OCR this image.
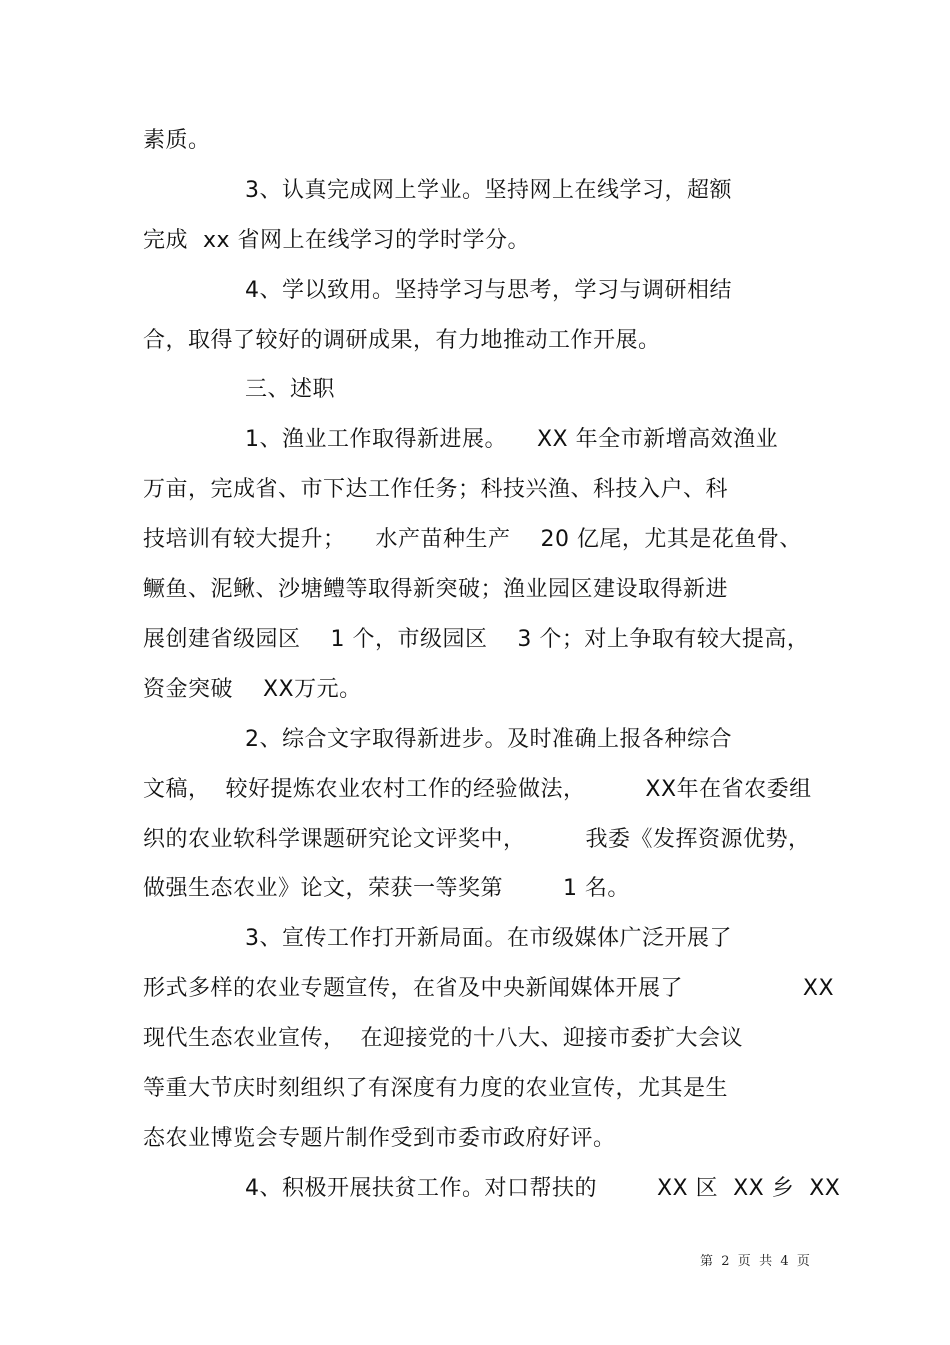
素质。
3、认真完成网上学业。坚持网上在线学习，超额
完成  xx 省网上在线学习的学时学分。
4、学以致用。坚持学习与思考，学习与调研相结
合，取得了较好的调研成果，有力地推动工作开展。
三、述职
1、渔业工作取得新进展。    XX 年全市新增高效渔业
万亩，完成省、市下达工作任务；科技兴渔、科技入户、科
技培训有较大提升；    水产苗种生产    20 亿尾，尤其是花鱼骨、
鳜鱼、泥鳅、沙塘鳢等取得新突破；渔业园区建设取得新进
展创建省级园区    1 个，市级园区    3 个；对上争取有较大提高，
资金突破    XX万元。
2、综合文字取得新进步。及时准确上报各种综合
文稿，  较好提炼农业农村工作的经验做法，        XX年在省农委组
织的农业软科学课题研究论文评奖中，        我委《发挥资源优势，
做强生态农业》论文，荣获一等奖第        1 名。
3、宣传工作打开新局面。在市级媒体广泛开展了
形式多样的农业专题宣传，在省及中央新闻媒体开展了                XX
现代生态农业宣传，  在迎接党的十八大、迎接市委扩大会议
等重大节庆时刻组织了有深度有力度的农业宣传，尤其是生
态农业博览会专题片制作受到市委市政府好评。
4、积极开展扶贫工作。对口帮扶的        XX 区  XX 乡  XX
第  2  页  共  4  页
